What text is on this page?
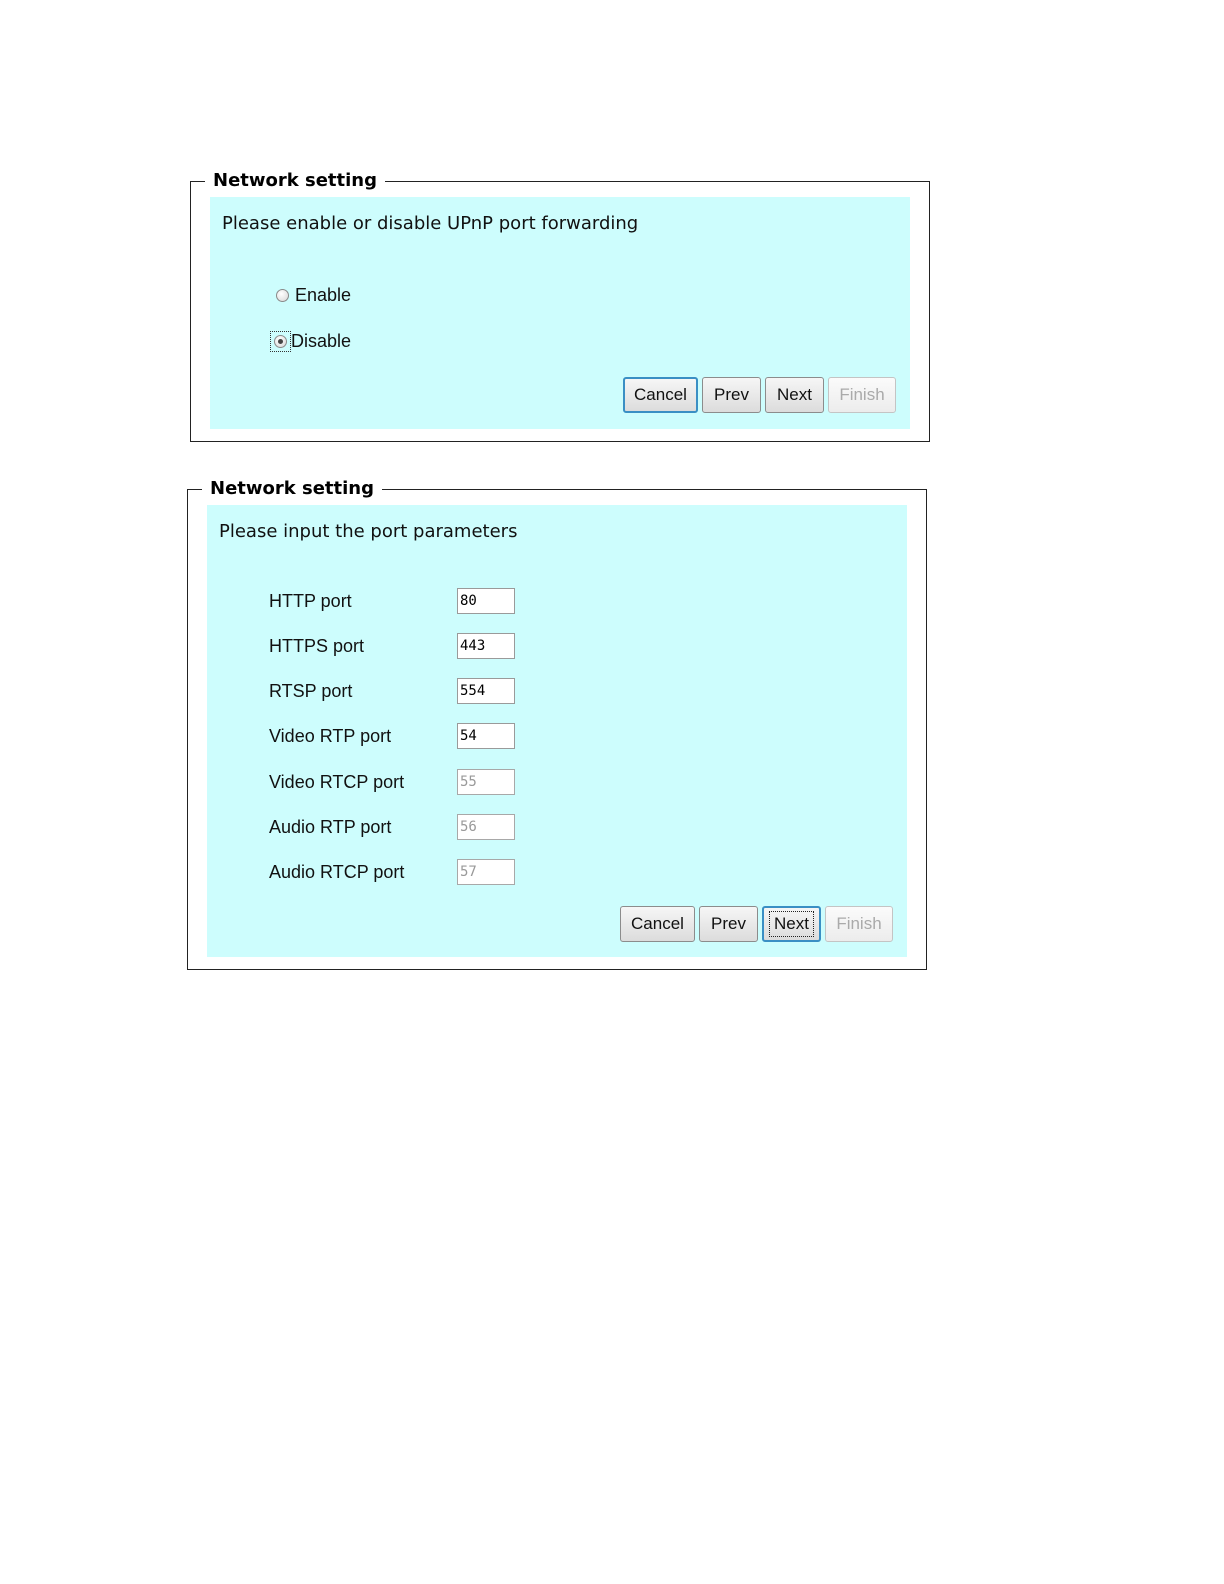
Network setting
Please enable or disable UPnP port forwarding
Enable
Disable
Cancel Prev Next Finish
Network setting
Please input the port parameters
HTTP port
80
HTTPS port
443
RTSP port
554
Video RTP port
54
Video RTCP port
55
Audio RTP port
56
Audio RTCP port
57
Cancel Prev Next Finish
